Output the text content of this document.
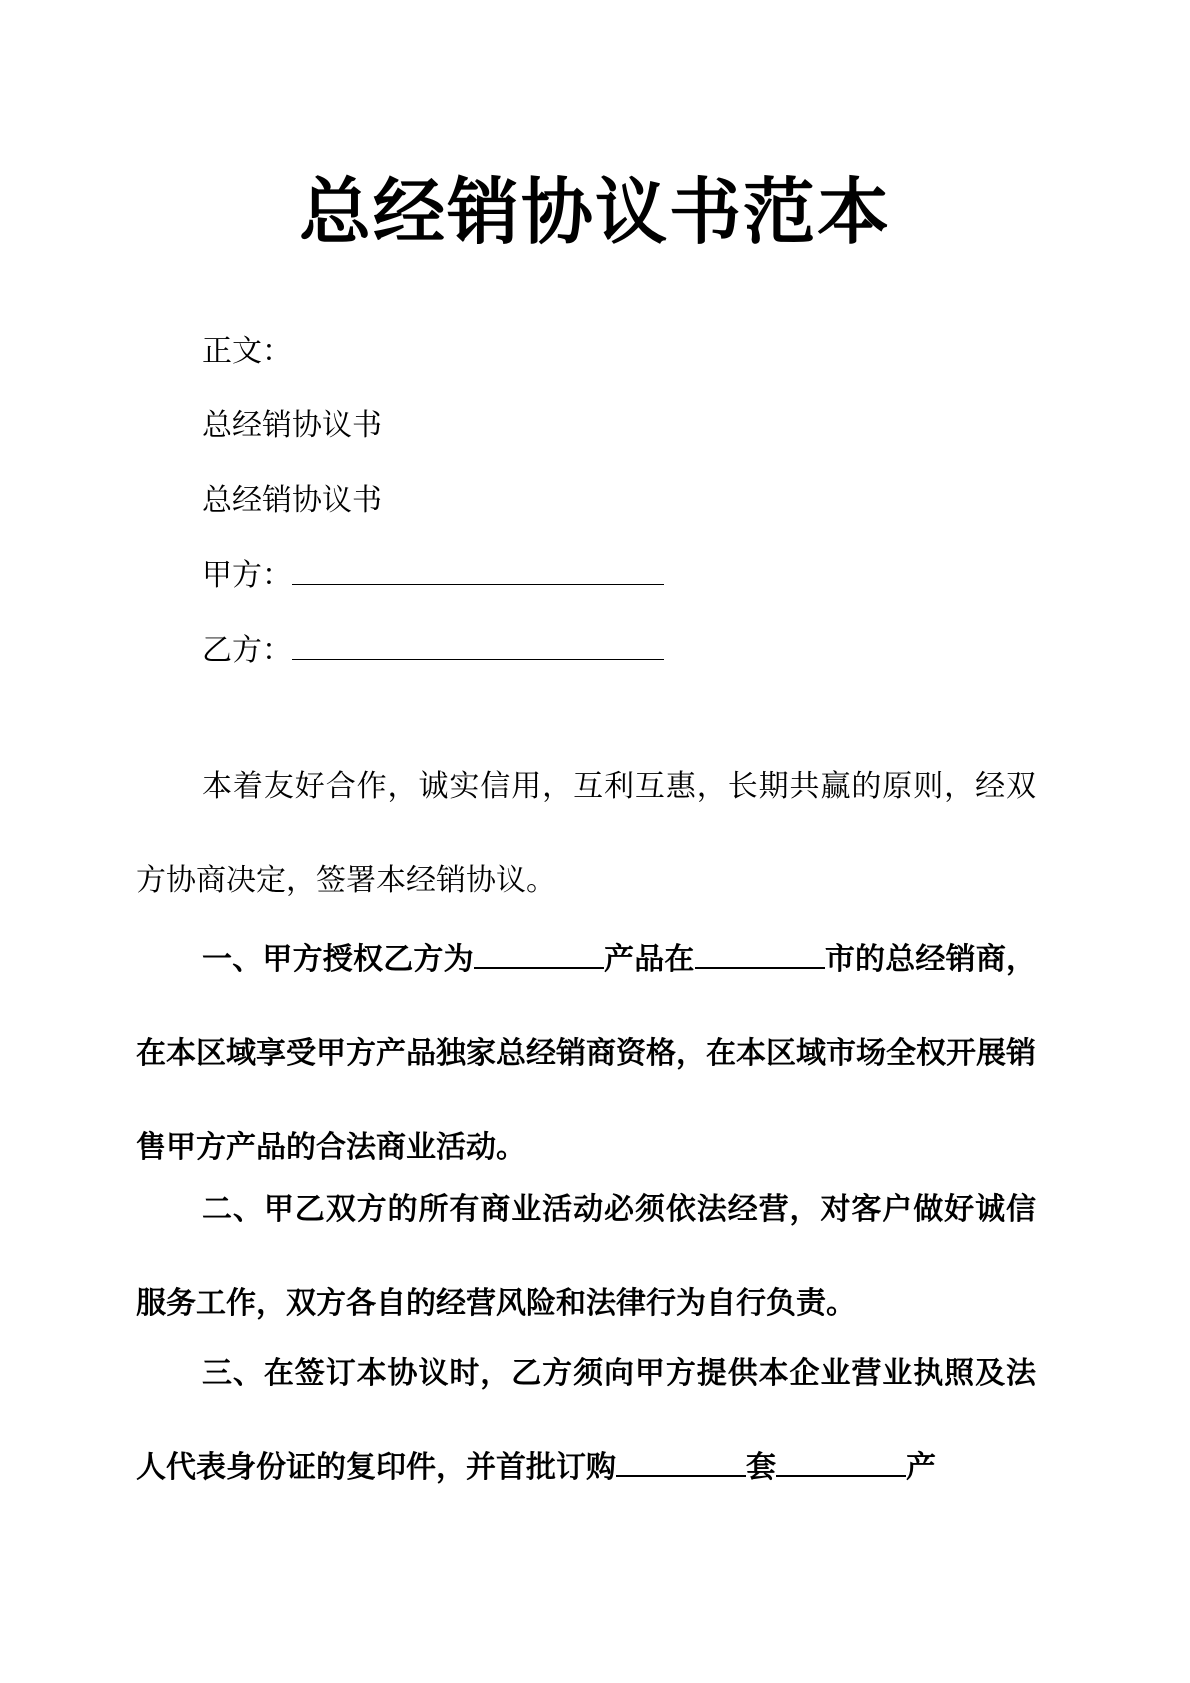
总经销协议书范本
正文：
总经销协议书
总经销协议书
甲方：
乙方：
本着友好合作，诚实信用，互利互惠，长期共赢的原则，经双方协商决定，签署本经销协议。
一、甲方授权乙方为	产品在	市的总经销商，在本区域享受甲方产品独家总经销商资格，在本区域市场全权开展销售甲方产品的合法商业活动。
二、甲乙双方的所有商业活动必须依法经营，对客户做好诚信服务工作，双方各自的经营风险和法律行为自行负责。
三、在签订本协议时，乙方须向甲方提供本企业营业执照及法人代表身份证的复印件，并首批订购	套	产
